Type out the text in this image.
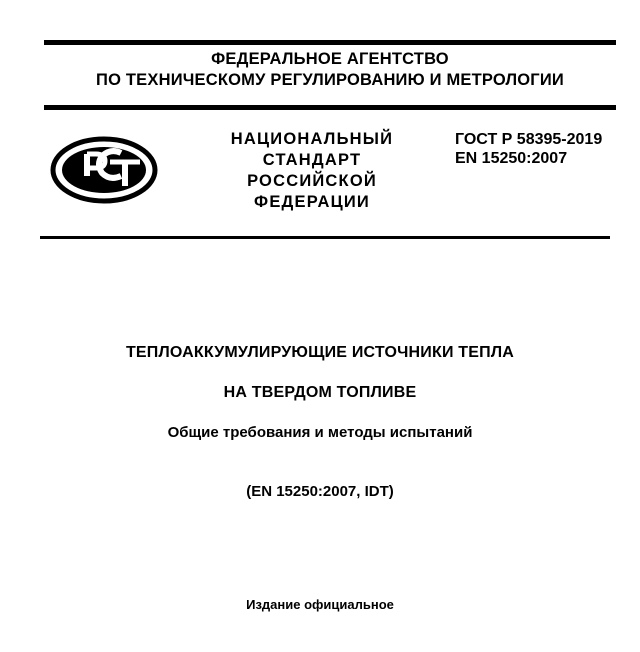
ФЕДЕРАЛЬНОЕ АГЕНТСТВО
ПО ТЕХНИЧЕСКОМУ РЕГУЛИРОВАНИЮ И МЕТРОЛОГИИ
НАЦИОНАЛЬНЫЙ
СТАНДАРТ
РОССИЙСКОЙ
ФЕДЕРАЦИИ
ГОСТ Р 58395-2019
EN 15250:2007
ТЕПЛОАККУМУЛИРУЮЩИЕ ИСТОЧНИКИ ТЕПЛА
НА ТВЕРДОМ ТОПЛИВЕ
Общие требования и методы испытаний
(EN 15250:2007, IDT)
Издание официальное
